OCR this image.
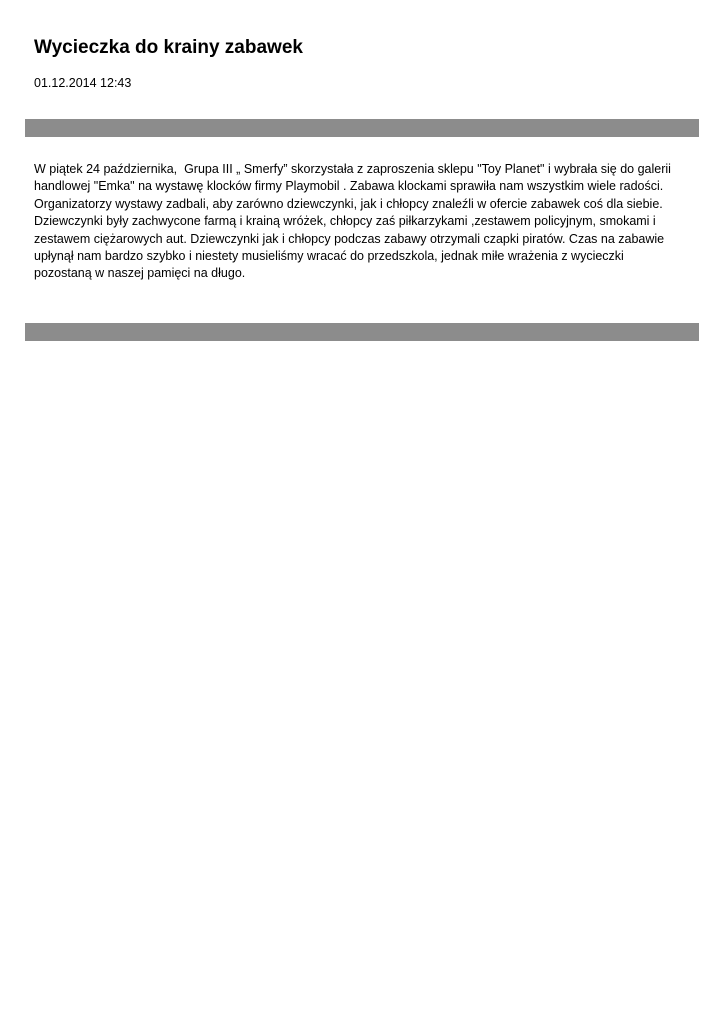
Wycieczka do krainy zabawek
01.12.2014 12:43
W piątek 24 października,  Grupa III „ Smerfy” skorzystała z zaproszenia sklepu "Toy Planet" i wybrała się do galerii
handlowej "Emka" na wystawę klocków firmy Playmobil . Zabawa klockami sprawiła nam wszystkim wiele radości.
Organizatorzy wystawy zadbali, aby zarówno dziewczynki, jak i chłopcy znaleźli w ofercie zabawek coś dla siebie.
Dziewczynki były zachwycone farmą i krainą wróżek, chłopcy zaś piłkarzykami ,zestawem policyjnym, smokami i
zestawem ciężarowych aut. Dziewczynki jak i chłopcy podczas zabawy otrzymali czapki piratów. Czas na zabawie
upłynął nam bardzo szybko i niestety musieliśmy wracać do przedszkola, jednak miłe wrażenia z wycieczki
pozostaną w naszej pamięci na długo.
